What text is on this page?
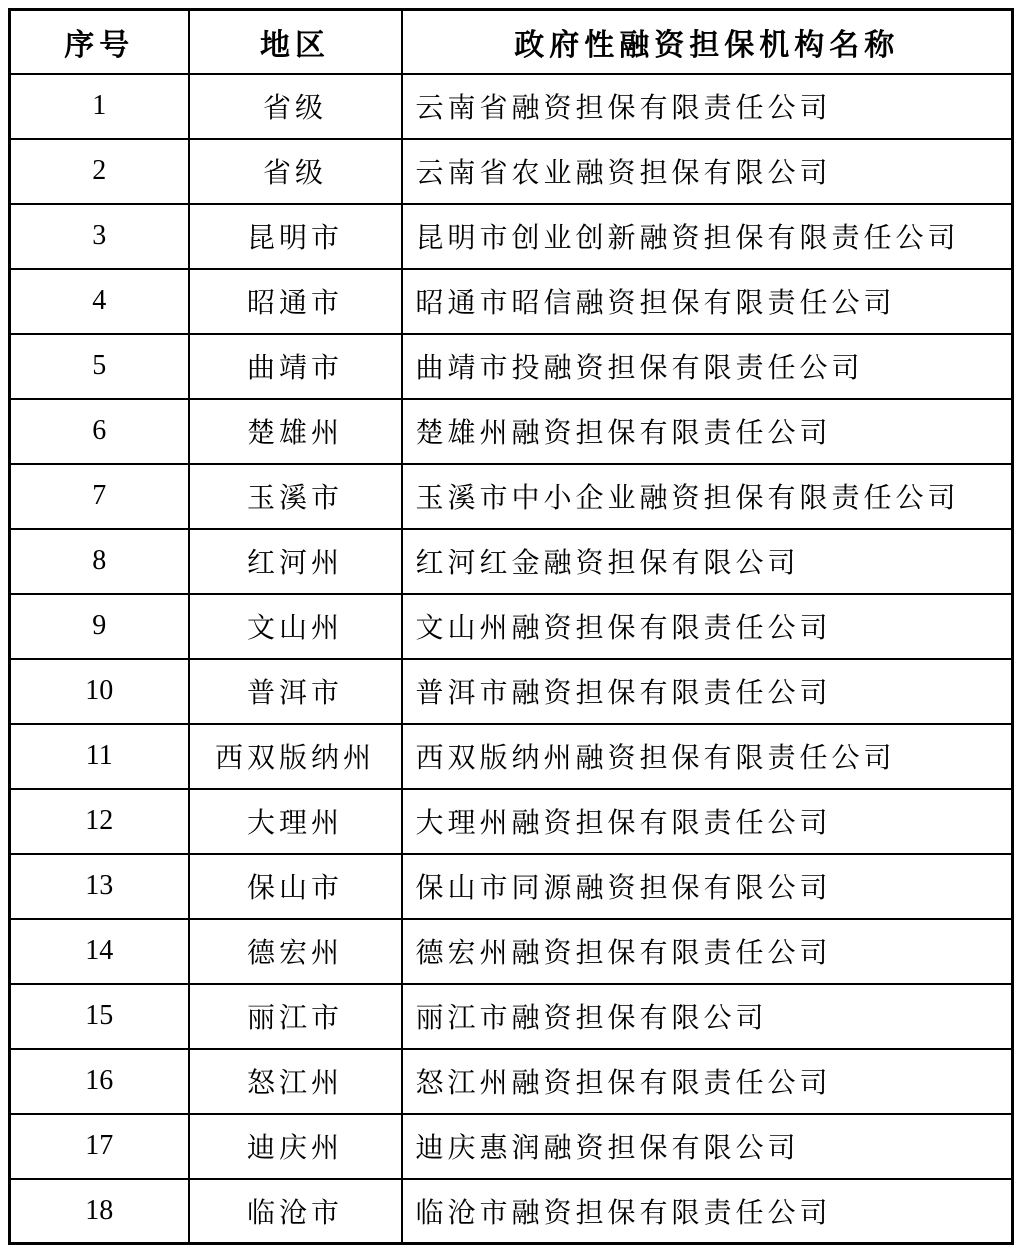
序号	地区	政府性融资担保机构名称
1	省级	云南省融资担保有限责任公司
2	省级	云南省农业融资担保有限公司
3	昆明市	昆明市创业创新融资担保有限责任公司
4	昭通市	昭通市昭信融资担保有限责任公司
5	曲靖市	曲靖市投融资担保有限责任公司
6	楚雄州	楚雄州融资担保有限责任公司
7	玉溪市	玉溪市中小企业融资担保有限责任公司
8	红河州	红河红金融资担保有限公司
9	文山州	文山州融资担保有限责任公司
10	普洱市	普洱市融资担保有限责任公司
11	西双版纳州	西双版纳州融资担保有限责任公司
12	大理州	大理州融资担保有限责任公司
13	保山市	保山市同源融资担保有限公司
14	德宏州	德宏州融资担保有限责任公司
15	丽江市	丽江市融资担保有限公司
16	怒江州	怒江州融资担保有限责任公司
17	迪庆州	迪庆惠润融资担保有限公司
18	临沧市	临沧市融资担保有限责任公司
